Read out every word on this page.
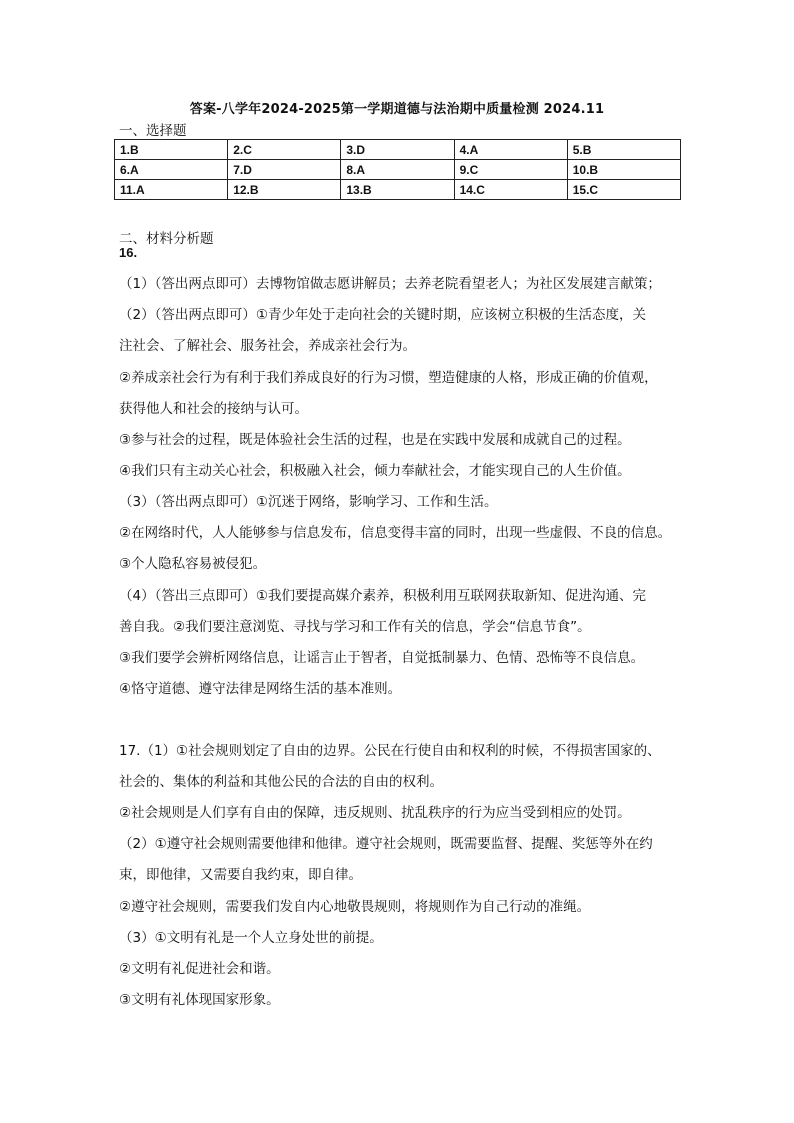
答案-八学年2024-2025第一学期道德与法治期中质量检测 2024.11
一、选择题
1.B	2.C	3.D	4.A	5.B
6.A	7.D	8.A	9.C	10.B
11.A	12.B	13.B	14.C	15.C
二、材料分析题
16.
（1）（答出两点即可）去博物馆做志愿讲解员；去养老院看望老人；为社区发展建言献策；
（2）（答出两点即可）①青少年处于走向社会的关键时期，应该树立积极的生活态度，关
注社会、了解社会、服务社会，养成亲社会行为。
②养成亲社会行为有利于我们养成良好的行为习惯，塑造健康的人格，形成正确的价值观，
获得他人和社会的接纳与认可。
③参与社会的过程，既是体验社会生活的过程，也是在实践中发展和成就自己的过程。
④我们只有主动关心社会，积极融入社会，倾力奉献社会，才能实现自己的人生价值。
（3）（答出两点即可）①沉迷于网络，影响学习、工作和生活。
②在网络时代，人人能够参与信息发布，信息变得丰富的同时，出现一些虚假、不良的信息。
③个人隐私容易被侵犯。
（4）（答出三点即可）①我们要提高媒介素养，积极利用互联网获取新知、促进沟通、完
善自我。②我们要注意浏览、寻找与学习和工作有关的信息，学会“信息节食”。
③我们要学会辨析网络信息，让谣言止于智者，自觉抵制暴力、色情、恐怖等不良信息。
④恪守道德、遵守法律是网络生活的基本准则。
17.（1）①社会规则划定了自由的边界。公民在行使自由和权利的时候，不得损害国家的、
社会的、集体的利益和其他公民的合法的自由的权利。
②社会规则是人们享有自由的保障，违反规则、扰乱秩序的行为应当受到相应的处罚。
（2）①遵守社会规则需要他律和他律。遵守社会规则，既需要监督、提醒、奖惩等外在约
束，即他律，又需要自我约束，即自律。
②遵守社会规则，需要我们发自内心地敬畏规则，将规则作为自己行动的准绳。
（3）①文明有礼是一个人立身处世的前提。
②文明有礼促进社会和谐。
③文明有礼体现国家形象。
